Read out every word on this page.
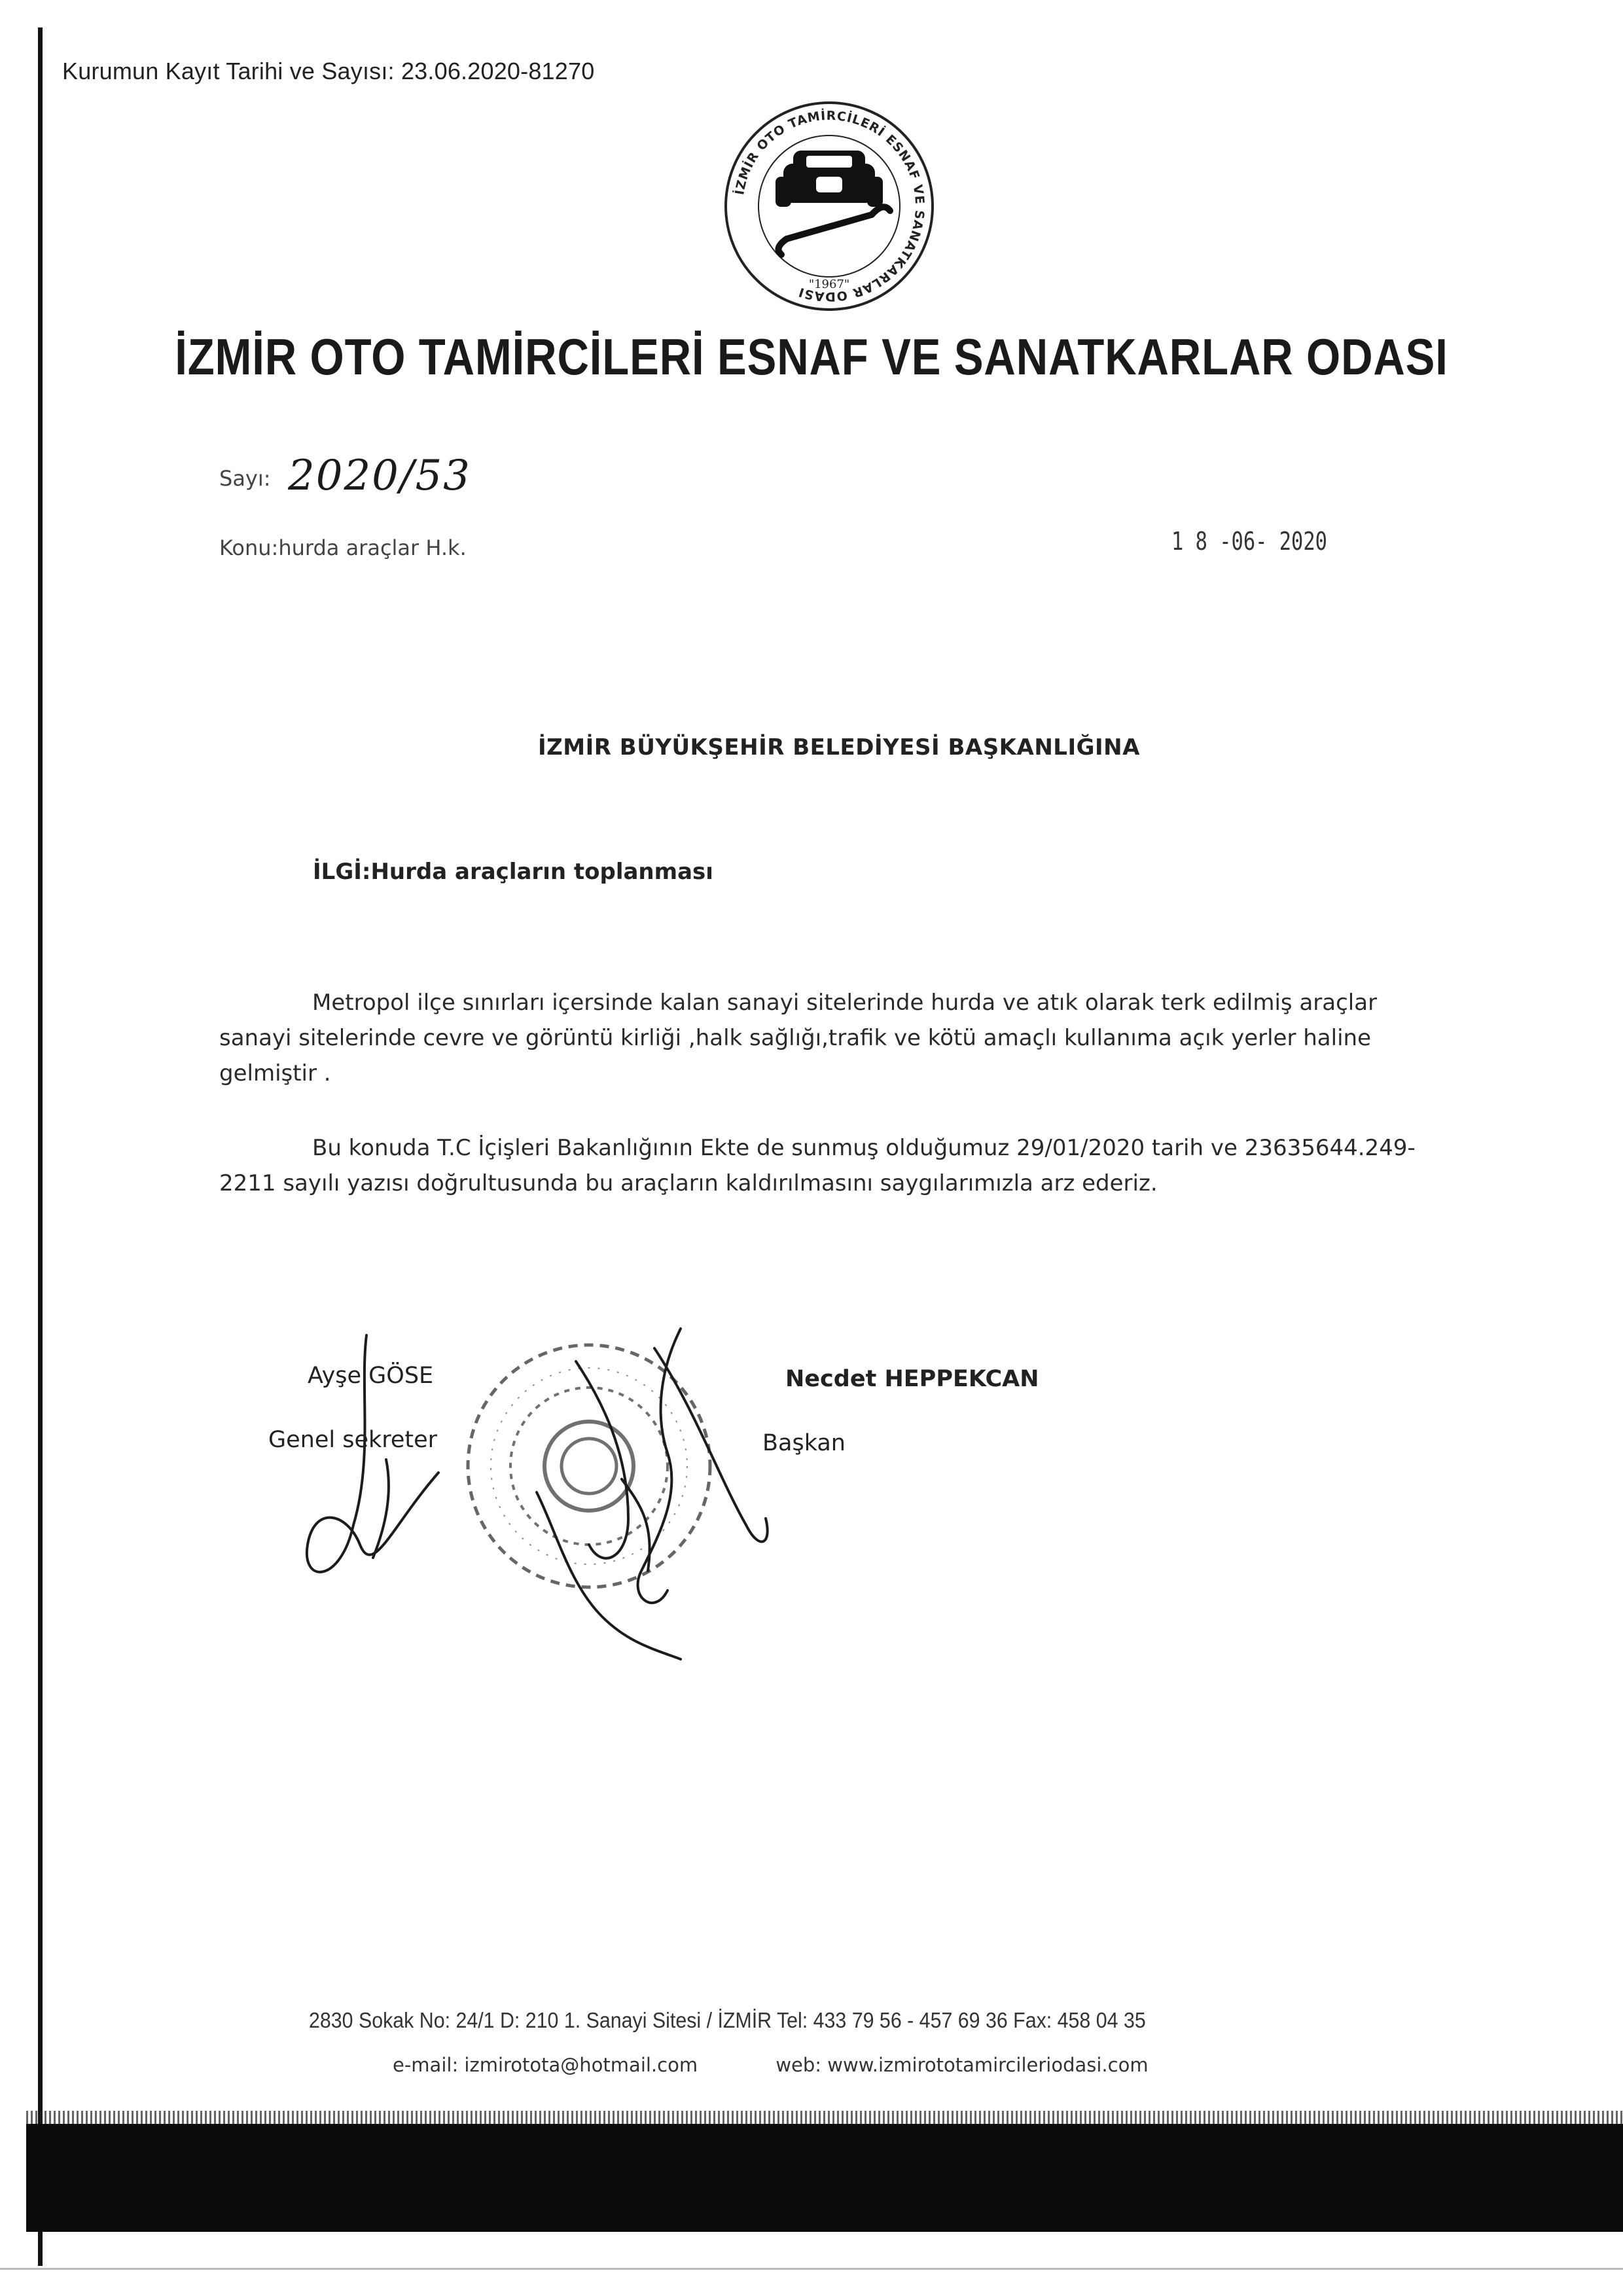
Kurumun Kayıt Tarihi ve Sayısı: 23.06.2020-81270
İZMİR OTO TAMİRCİLERİ ESNAF VE SANATKARLAR ODASI
"1967"
İZMİR OTO TAMİRCİLERİ ESNAF VE SANATKARLAR ODASI
Sayı: 2020/53
Konu:hurda araçlar H.k.	1 8 -06- 2020
İZMİR BÜYÜKŞEHİR BELEDİYESİ BAŞKANLIĞINA
İLGİ:Hurda araçların toplanması
Metropol ilçe sınırları içersinde kalan sanayi sitelerinde hurda ve atık olarak terk edilmiş araçlar sanayi sitelerinde cevre ve görüntü kirliği ,halk sağlığı,trafik ve kötü amaçlı kullanıma açık yerler haline gelmiştir .
Bu konuda T.C İçişleri Bakanlığının Ekte de sunmuş olduğumuz 29/01/2020 tarih ve 23635644.249-2211 sayılı yazısı doğrultusunda bu araçların kaldırılmasını saygılarımızla arz ederiz.
Ayşe GÖSE
Genel sekreter
Necdet HEPPEKCAN
Başkan
2830 Sokak No: 24/1 D: 210 1. Sanayi Sitesi / İZMİR Tel: 433 79 56 - 457 69 36 Fax: 458 04 35
e-mail: izmirotota@hotmail.com	web: www.izmirototamircileriodasi.com
